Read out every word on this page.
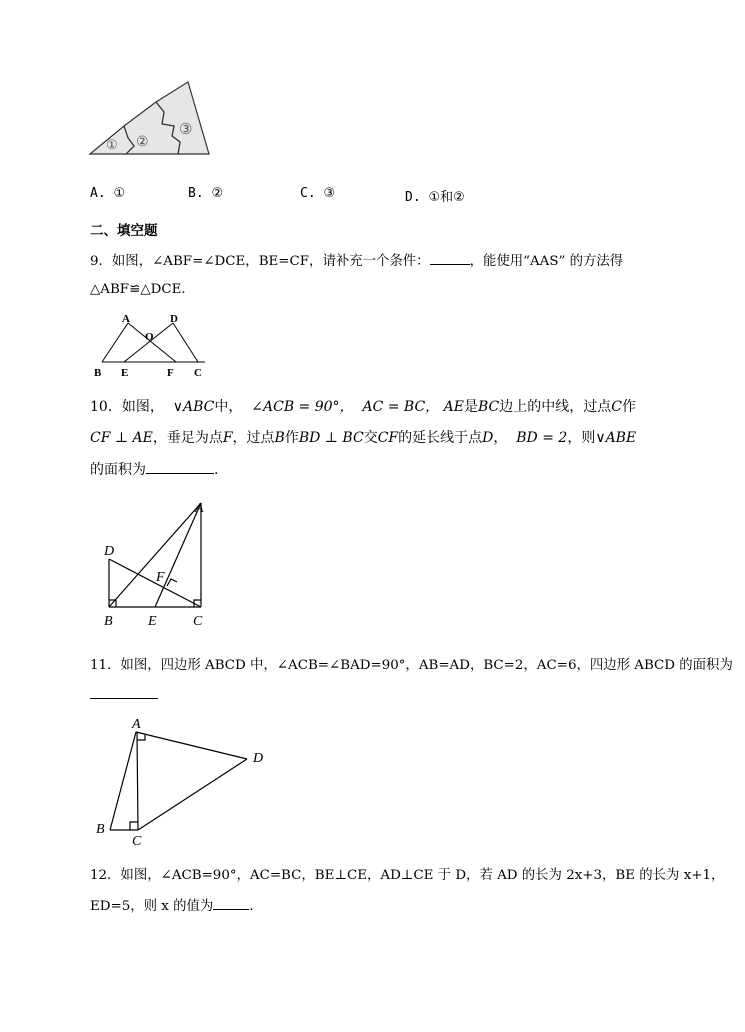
① ②
③
A. ①	B. ②	C. ③	D. ①和②
二、填空题
9．如图，∠ABF=∠DCE，BE=CF，请补充一个条件：	，能使用“AAS” 的方法得
△ABF≌△DCE.
A
O
D
B E	F C
10．如图， ∨ABC中， ∠ACB = 90°， AC = BC， AE是BC边上的中线，过点C作
CF ⊥ AE，垂足为点F，过点B作BD ⊥ BC交CF的延长线于点D， BD = 2，则∨ABE
的面积为	.
A
D
F
B	E	C
11．如图，四边形 ABCD 中，∠ACB=∠BAD=90°，AB=AD，BC=2，AC=6，四边形 ABCD 的面积为
A
D
B
C
12．如图，∠ACB=90°，AC=BC，BE⊥CE，AD⊥CE 于 D，若 AD 的长为 2x+3，BE 的长为 x+1，
ED=5，则 x 的值为	.
